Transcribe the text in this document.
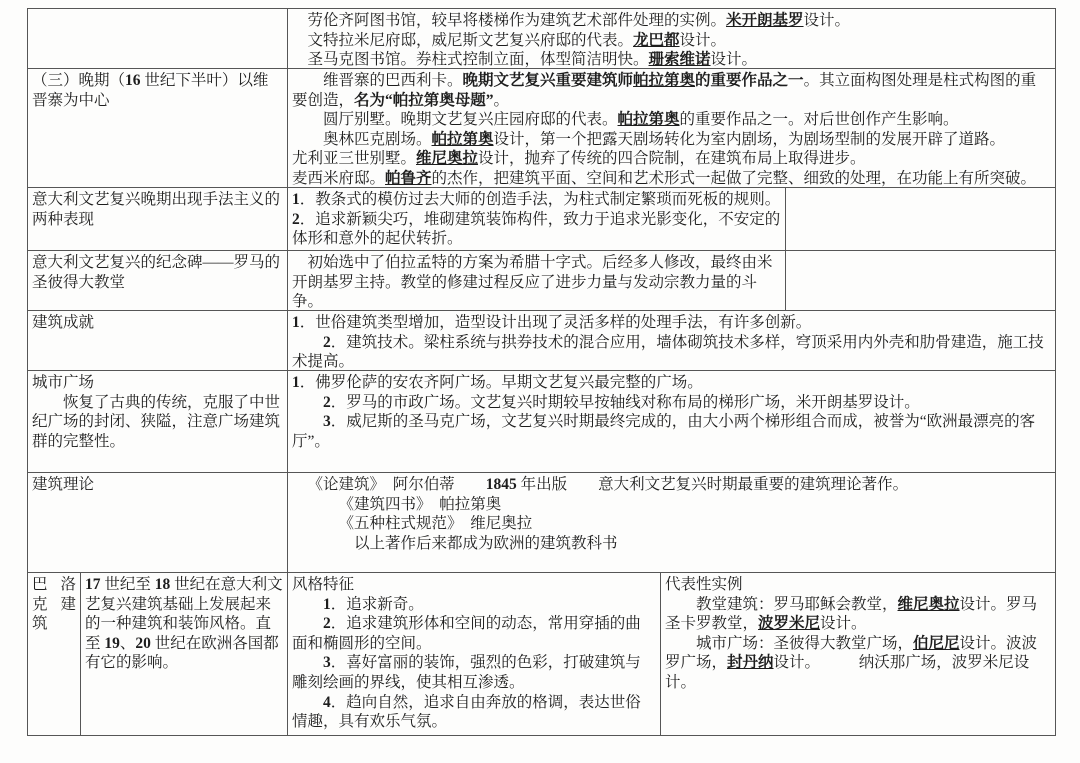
劳伦齐阿图书馆，较早将楼梯作为建筑艺术部件处理的实例。米开朗基罗设计。

文特拉米尼府邸，威尼斯文艺复兴府邸的代表。龙巴都设计。

圣马克图书馆。券柱式控制立面，体型简洁明快。珊索维诺设计。

（三）晚期（16 世纪下半叶）以维晋寨为中心

维晋寨的巴西利卡。晚期文艺复兴重要建筑师帕拉第奥的重要作品之一。其立面构图处理是柱式构图的重要创造，名为“帕拉第奥母题”。

圆厅别墅。晚期文艺复兴庄园府邸的代表。帕拉第奥的重要作品之一。对后世创作产生影响。

奥林匹克剧场。帕拉第奥设计，第一个把露天剧场转化为室内剧场，为剧场型制的发展开辟了道路。

尤利亚三世别墅。维尼奥拉设计，抛弃了传统的四合院制，在建筑布局上取得进步。

麦西米府邸。帕鲁齐的杰作，把建筑平面、空间和艺术形式一起做了完整、细致的处理，在功能上有所突破。

意大利文艺复兴晚期出现手法主义的两种表现

1．教条式的模仿过去大师的创造手法，为柱式制定繁琐而死板的规则。

2．追求新颖尖巧，堆砌建筑装饰构件，致力于追求光影变化，不安定的体形和意外的起伏转折。

意大利文艺复兴的纪念碑——罗马的圣彼得大教堂

初始选中了伯拉孟特的方案为希腊十字式。后经多人修改，最终由米开朗基罗主持。教堂的修建过程反应了进步力量与发动宗教力量的斗争。

建筑成就	1．世俗建筑类型增加，造型设计出现了灵活多样的处理手法，有许多创新。

2．建筑技术。梁柱系统与拱券技术的混合应用，墙体砌筑技术多样，穹顶采用内外壳和肋骨建造，施工技术提高。

城市广场

恢复了古典的传统，克服了中世纪广场的封闭、狭隘，注意广场建筑群的完整性。

1．佛罗伦萨的安农齐阿广场。早期文艺复兴最完整的广场。

2．罗马的市政广场。文艺复兴时期较早按轴线对称布局的梯形广场，米开朗基罗设计。

3．威尼斯的圣马克广场，文艺复兴时期最终完成的，由大小两个梯形组合而成，被誉为“欧洲最漂亮的客厅”。

建筑理论	《论建筑》　阿尔伯蒂　　1845 年出版　　意大利文艺复兴时期最重要的建筑理论著作。

《建筑四书》　帕拉第奥

《五种柱式规范》　维尼奥拉

以上著作后来都成为欧洲的建筑教科书

巴 洛
克 建
筑

17 世纪至 18 世纪在意大利文艺复兴建筑基础上发展起来的一种建筑和装饰风格。直至 19、20 世纪在欧洲各国都有它的影响。

风格特征

1．追求新奇。

2．追求建筑形体和空间的动态，常用穿插的曲面和椭圆形的空间。

3．喜好富丽的装饰，强烈的色彩，打破建筑与雕刻绘画的界线，使其相互渗透。

4．趋向自然，追求自由奔放的格调，表达世俗情趣，具有欢乐气氛。

代表性实例

教堂建筑：罗马耶稣会教堂，维尼奥拉设计。罗马圣卡罗教堂，波罗米尼设计。

城市广场：圣彼得大教堂广场，伯尼尼设计。波波罗广场，封丹纳设计。　　　纳沃那广场，波罗米尼设计。
